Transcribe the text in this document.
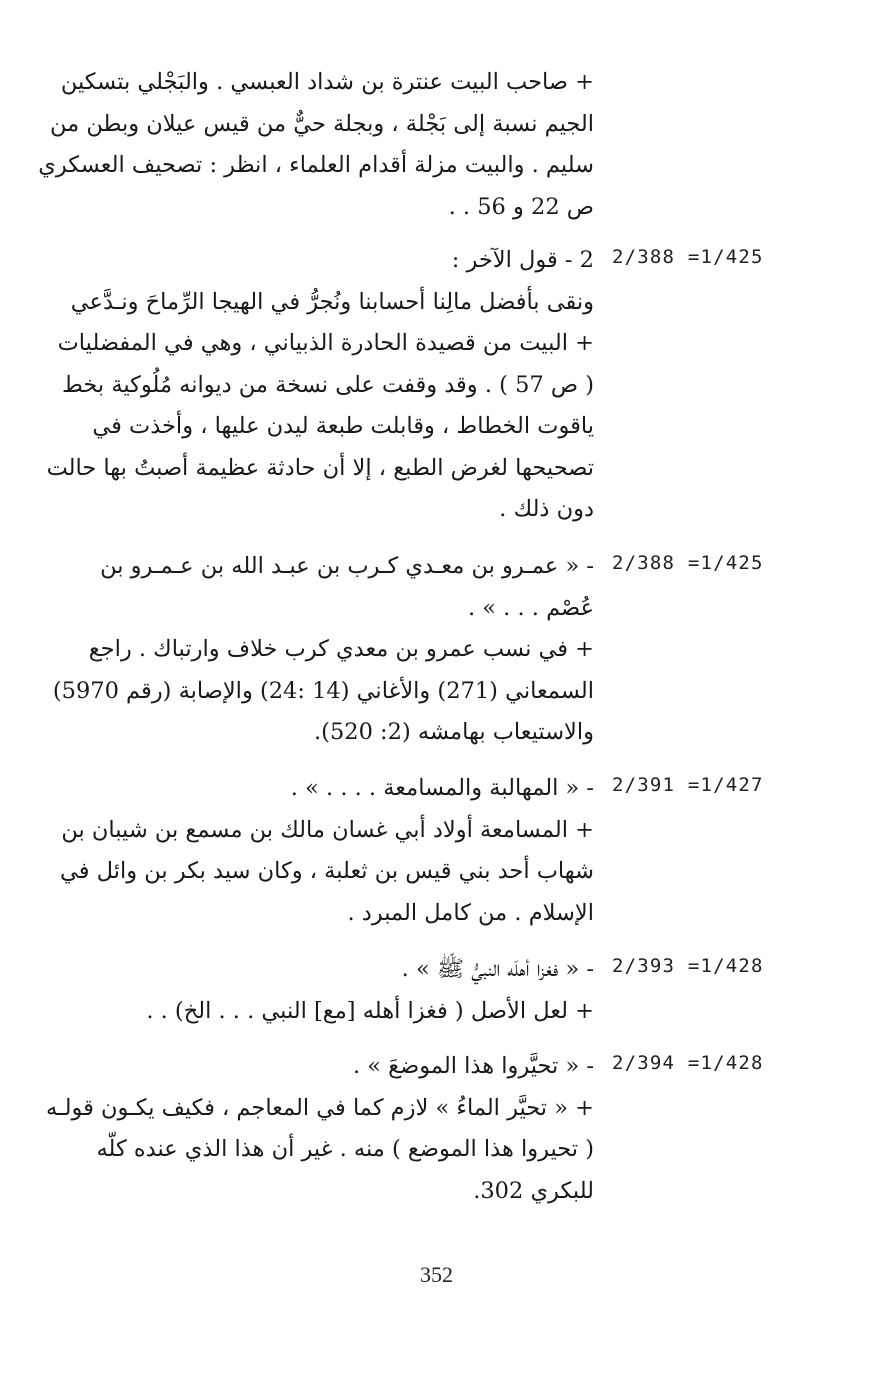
+ صاحب البيت عنترة بن شداد العبسي . والبَجْلي بتسكين
الجيم نسبة إلى بَجْلة ، وبجلة حيٌّ من قيس عيلان وبطن من
سليم . والبيت مزلة أقدام العلماء ، انظر : تصحيف العسكري
ص 22 و 56 . .
2/388 =1/425
2 - قول الآخر :
ونقى بأفضل مالِنا أحسابنا ونُجرُّ في الهيجا الرِّماحَ ونـدَّعي
+ البيت من قصيدة الحادرة الذبياني ، وهي في المفضليات
( ص 57 ) . وقد وقفت على نسخة من ديوانه مُلُوكية بخط
ياقوت الخطاط ، وقابلت طبعة ليدن عليها ، وأخذت في
تصحيحها لغرض الطبع ، إلا أن حادثة عظيمة أصبتُ بها حالت
دون ذلك .
2/388 =1/425
- « عمـرو بن معـدي كـرب بن عبـد الله بن عـمـرو بن
عُصْم . . . » .
+ في نسب عمرو بن معدي كرب خلاف وارتباك . راجع
السمعاني (271) والأغاني (14 :24) والإصابة (رقم 5970)
والاستيعاب بهامشه (2: 520).
2/391 =1/427
- « المهالبة والمسامعة . . . . » .
+ المسامعة أولاد أبي غسان مالك بن مسمع بن شيبان بن
شهاب أحد بني قيس بن ثعلبة ، وكان سيد بكر بن وائل في
الإسلام . من كامل المبرد .
2/393 =1/428
- « فغزا أهلَه النبيُّ ﷺ » .
+ لعل الأصل ( فغزا أهله [مع] النبي . . . الخ) . .
2/394 =1/428
- « تحيَّروا هذا الموضعَ » .
+ « تحيَّر الماءُ » لازم كما في المعاجم ، فكيف يكـون قولـه
( تحيروا هذا الموضع ) منه . غير أن هذا الذي عنده كلّه
للبكري 302.
352
